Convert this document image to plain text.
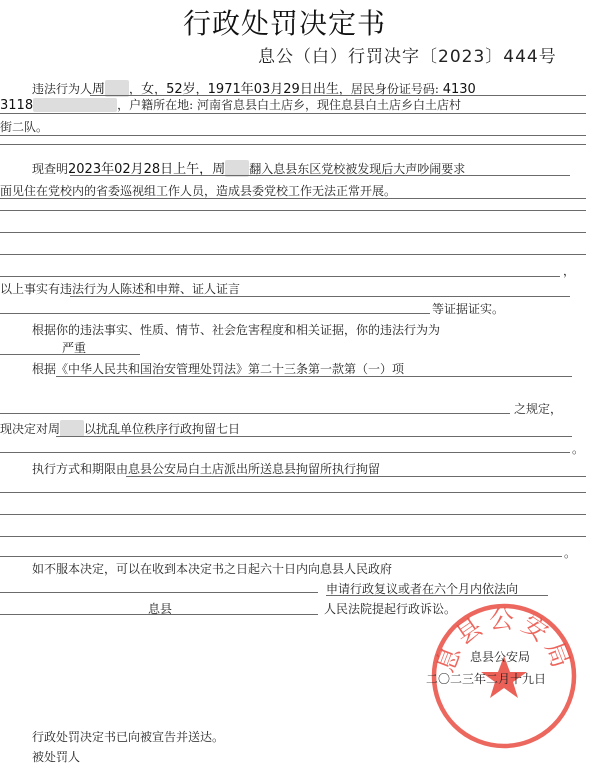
行政处罚决定书
息公（白）行罚决字〔2023〕444号
违法行为人周 ，女，52岁，1971年03月29日出生，居民身份证号码: 4130
3118	，户籍所在地: 河南省息县白土店乡，现住息县白土店乡白土店村
街二队。
现查明2023年02月28日上午，周 翻入息县东区党校被发现后大声吵闹要求
面见住在党校内的省委巡视组工作人员，造成县委党校工作无法正常开展。
，
以上事实有违法行为人陈述和申辩、证人证言
等证据证实。
根据你的违法事实、性质、情节、社会危害程度和相关证据，你的违法行为为
严重
根据《中华人民共和国治安管理处罚法》第二十三条第一款第（一）项
之规定，
现决定对周 以扰乱单位秩序行政拘留七日
。
执行方式和期限由息县公安局白土店派出所送息县拘留所执行拘留
。
如不服本决定，可以在收到本决定书之日起六十日内向息县人民政府
申请行政复议或者在六个月内依法向
息县	人民法院提起行政诉讼。
息县公安局
息县公安局
二〇二三年二月十九日
行政处罚决定书已向被宣告并送达。
被处罚人
